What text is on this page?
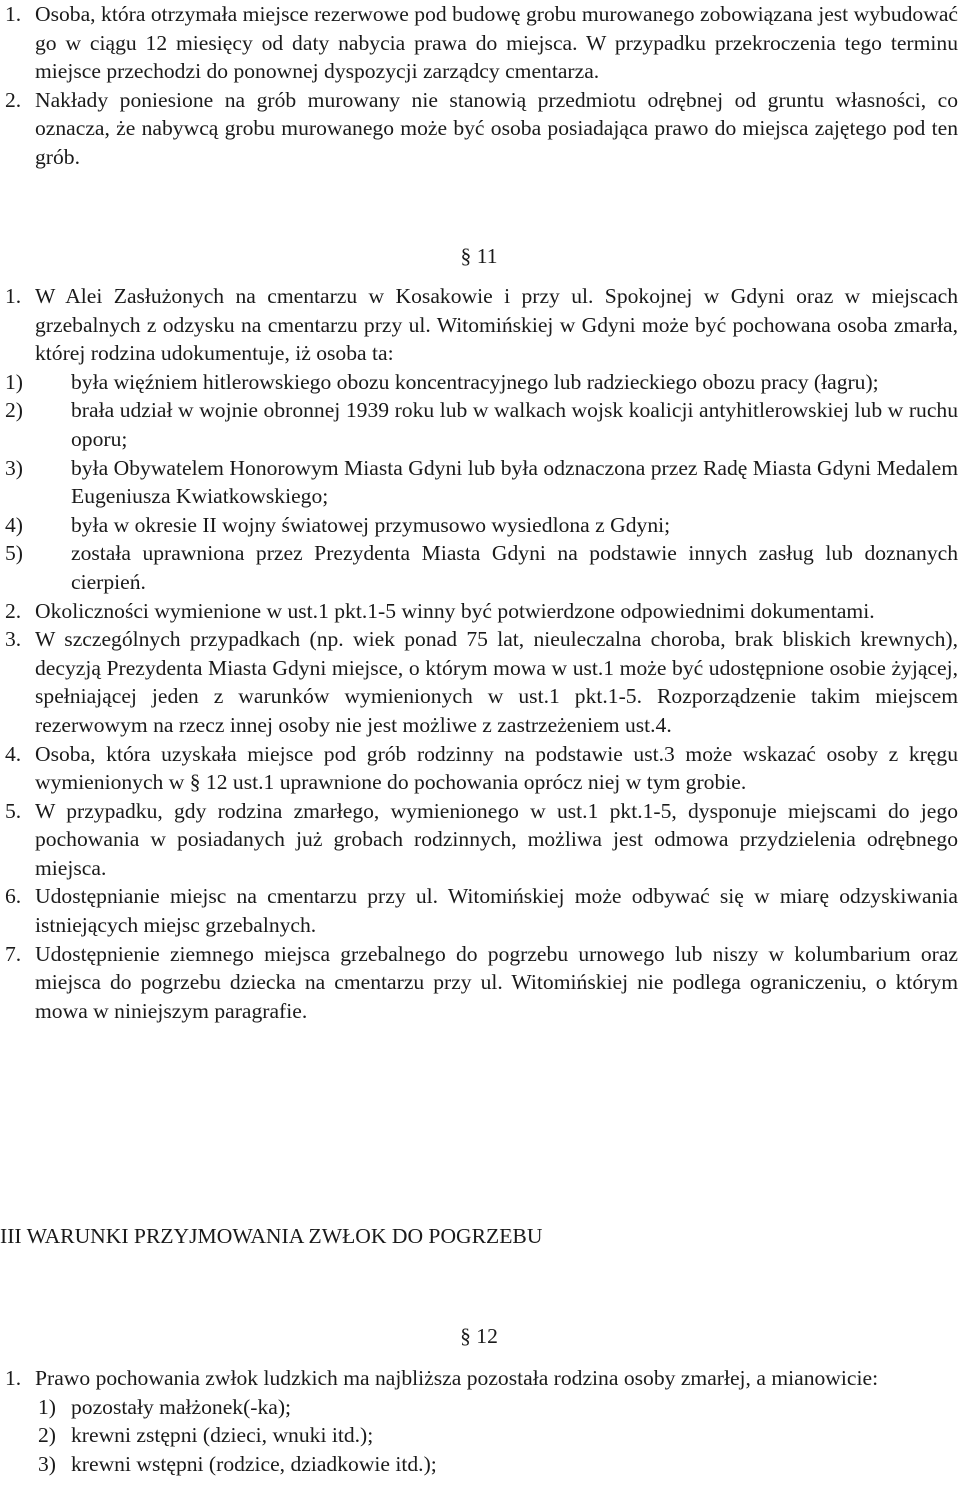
1. Osoba, która otrzymała miejsce rezerwowe pod budowę grobu murowanego zobowiązana jest wybudować go w ciągu 12 miesięcy od daty nabycia prawa do miejsca. W przypadku przekroczenia tego terminu miejsce przechodzi do ponownej dyspozycji zarządcy cmentarza.
2. Nakłady poniesione na grób murowany nie stanowią przedmiotu odrębnej od gruntu własności, co oznacza, że nabywcą grobu murowanego może być osoba posiadająca prawo do miejsca zajętego pod ten grób.
§ 11
1. W Alei Zasłużonych na cmentarzu w Kosakowie i przy ul. Spokojnej w Gdyni oraz w miejscach grzebalnych z odzysku na cmentarzu przy ul. Witomińskiej w Gdyni może być pochowana osoba zmarła, której rodzina udokumentuje, iż osoba ta:
1) była więźniem hitlerowskiego obozu koncentracyjnego lub radzieckiego obozu pracy (łagru);
2) brała udział w wojnie obronnej 1939 roku lub w walkach wojsk koalicji antyhitlerowskiej lub w ruchu oporu;
3) była Obywatelem Honorowym Miasta Gdyni lub była odznaczona przez Radę Miasta Gdyni Medalem Eugeniusza Kwiatkowskiego;
4) była w okresie II wojny światowej przymusowo wysiedlona z Gdyni;
5) została uprawniona przez Prezydenta Miasta Gdyni na podstawie innych zasług lub doznanych cierpień.
2. Okoliczności wymienione w ust.1 pkt.1-5 winny być potwierdzone odpowiednimi dokumentami.
3. W szczególnych przypadkach (np. wiek ponad 75 lat, nieuleczalna choroba, brak bliskich krewnych), decyzją Prezydenta Miasta Gdyni miejsce, o którym mowa w ust.1 może być udostępnione osobie żyjącej, spełniającej jeden z warunków wymienionych w ust.1 pkt.1-5. Rozporządzenie takim miejscem rezerwowym na rzecz innej osoby nie jest możliwe z zastrzeżeniem ust.4.
4. Osoba, która uzyskała miejsce pod grób rodzinny na podstawie ust.3 może wskazać osoby z kręgu wymienionych w § 12 ust.1 uprawnione do pochowania oprócz niej w tym grobie.
5. W przypadku, gdy rodzina zmarłego, wymienionego w ust.1 pkt.1-5, dysponuje miejscami do jego pochowania w posiadanych już grobach rodzinnych, możliwa jest odmowa przydzielenia odrębnego miejsca.
6. Udostępnianie miejsc na cmentarzu przy ul. Witomińskiej może odbywać się w miarę odzyskiwania istniejących miejsc grzebalnych.
7. Udostępnienie ziemnego miejsca grzebalnego do pogrzebu urnowego lub niszy w kolumbarium oraz miejsca do pogrzebu dziecka na cmentarzu przy ul. Witomińskiej nie podlega ograniczeniu, o którym mowa w niniejszym paragrafie.
III WARUNKI PRZYJMOWANIA ZWŁOK DO POGRZEBU
§ 12
1. Prawo pochowania zwłok ludzkich ma najbliższa pozostała rodzina osoby zmarłej, a mianowicie:
1) pozostały małżonek(-ka);
2) krewni zstępni (dzieci, wnuki itd.);
3) krewni wstępni (rodzice, dziadkowie itd.);
